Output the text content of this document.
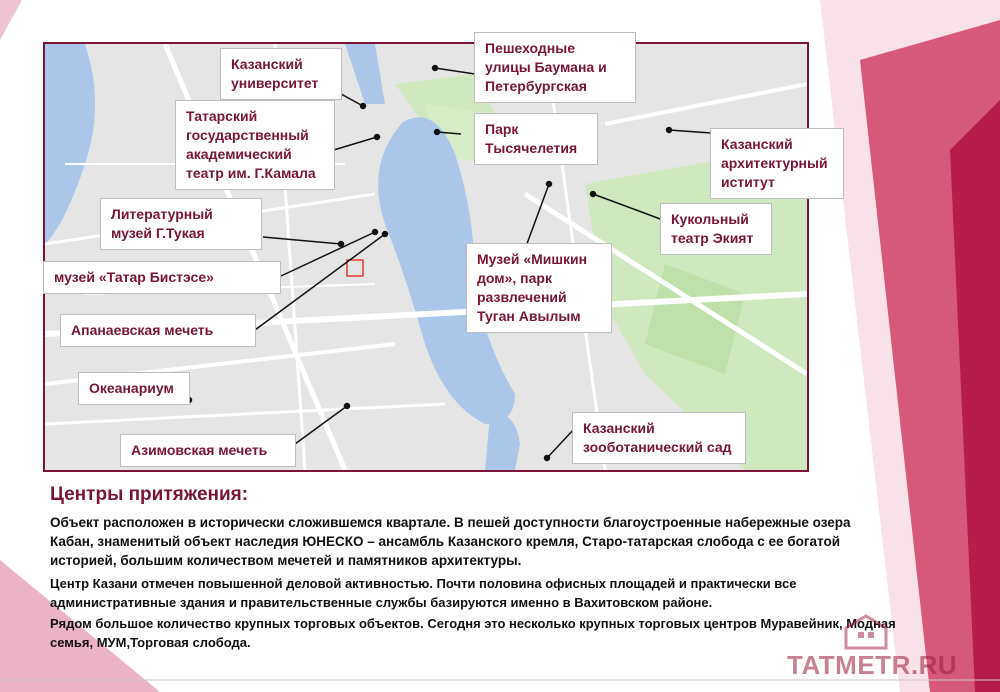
Казанский
университет
Пешеходные
улицы Баумана и
Петербургская
Татарский
государственный
академический
театр им. Г.Камала
Парк
Тысячелетия	Казанский
архитектурный
иститут
Литературный
музей Г.Тукая
Кукольный
театр Экият
музей «Татар Бистэсе»
Музей «Мишкин
дом», парк
развлечений
Туган Авылым
Апанаевская мечеть
Океанариум
Казанский
зооботанический сад
Азимовская мечеть
Центры притяжения:

Объект расположен в исторически сложившемся квартале. В пешей доступности благоустроенные набережные озера Кабан, знаменитый объект наследия ЮНЕСКО – ансамбль Казанского кремля, Старо-татарская слобода с ее богатой историей, большим количеством мечетей и памятников архитектуры.

Центр Казани отмечен повышенной деловой активностью. Почти половина офисных площадей и практически все административные здания и правительственные службы базируются именно в Вахитовском районе.

Рядом большое количество крупных торговых объектов. Сегодня это несколько крупных торговых центров Муравейник, Модная семья, МУМ,Торговая слобода.

TATMETR.RU
